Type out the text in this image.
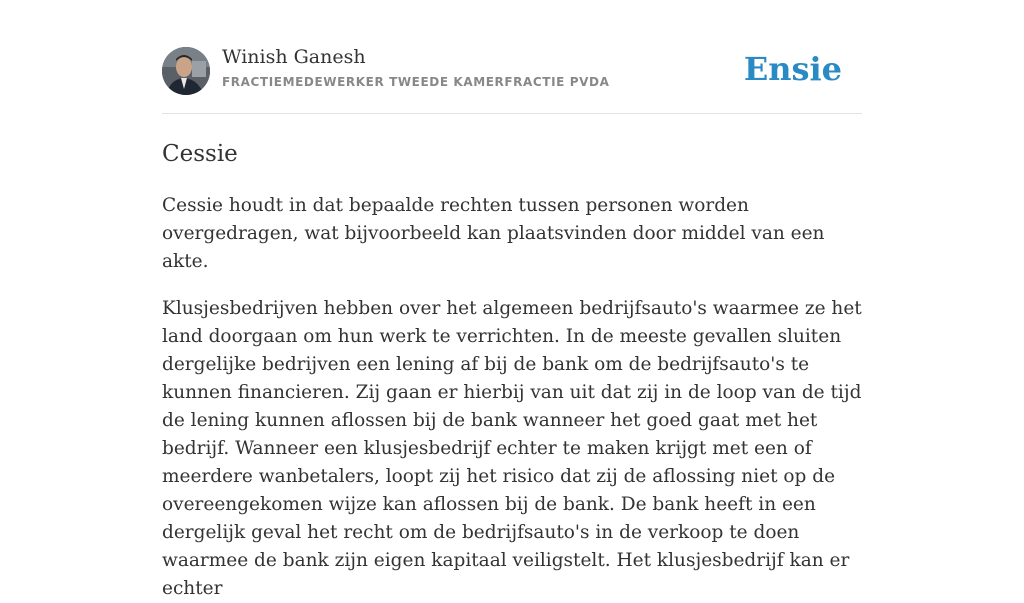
Winish Ganesh
FRACTIEMEDEWERKER TWEEDE KAMERFRACTIE PVDA	Ensie
Cessie

Cessie houdt in dat bepaalde rechten tussen personen worden overgedragen, wat bijvoorbeeld kan plaatsvinden door middel van een akte.

Klusjesbedrijven hebben over het algemeen bedrijfsauto's waarmee ze het land doorgaan om hun werk te verrichten. In de meeste gevallen sluiten dergelijke bedrijven een lening af bij de bank om de bedrijfsauto's te kunnen financieren. Zij gaan er hierbij van uit dat zij in de loop van de tijd de lening kunnen aflossen bij de bank wanneer het goed gaat met het bedrijf. Wanneer een klusjesbedrijf echter te maken krijgt met een of meerdere wanbetalers, loopt zij het risico dat zij de aflossing niet op de overeengekomen wijze kan aflossen bij de bank. De bank heeft in een dergelijk geval het recht om de bedrijfsauto's in de verkoop te doen waarmee de bank zijn eigen kapitaal veiligstelt. Het klusjesbedrijf kan er echter
